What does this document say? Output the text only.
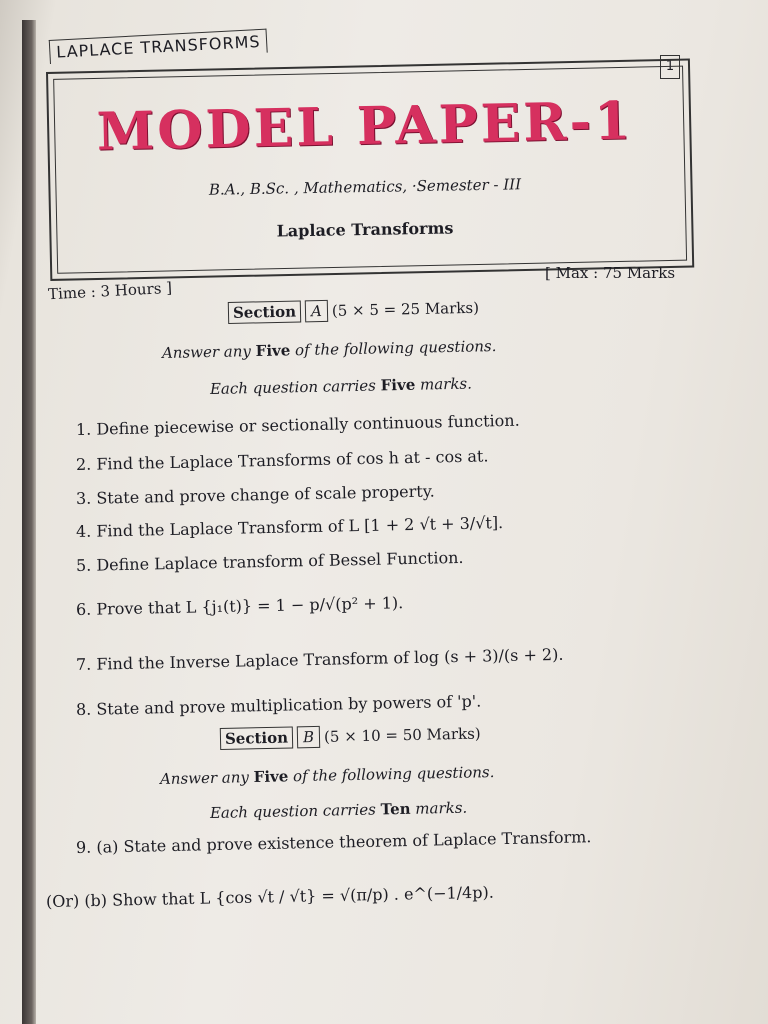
LAPLACE TRANSFORMS
1
MODEL PAPER-1
B.A., B.Sc. , Mathematics, ·Semester - III
Laplace Transforms
Time : 3 Hours ]
[ Max : 75 Marks
Section A (5 × 5 = 25 Marks)
Answer any Five of the following questions.
Each question carries Five marks.
1. Define piecewise or sectionally continuous function.
2. Find the Laplace Transforms of cos h at - cos at.
3. State and prove change of scale property.
4. Find the Laplace Transform of L [1 + 2 √t + 3/√t].
5. Define Laplace transform of Bessel Function.
6. Prove that L {j₁(t)} = 1 − p/√(p² + 1).
7. Find the Inverse Laplace Transform of log (s + 3)/(s + 2).
8. State and prove multiplication by powers of 'p'.
Section B (5 × 10 = 50 Marks)
Answer any Five of the following questions.
Each question carries Ten marks.
9. (a) State and prove existence theorem of Laplace Transform.
(Or) (b) Show that L {cos √t / √t} = √(π/p) . e^(−1/4p).
